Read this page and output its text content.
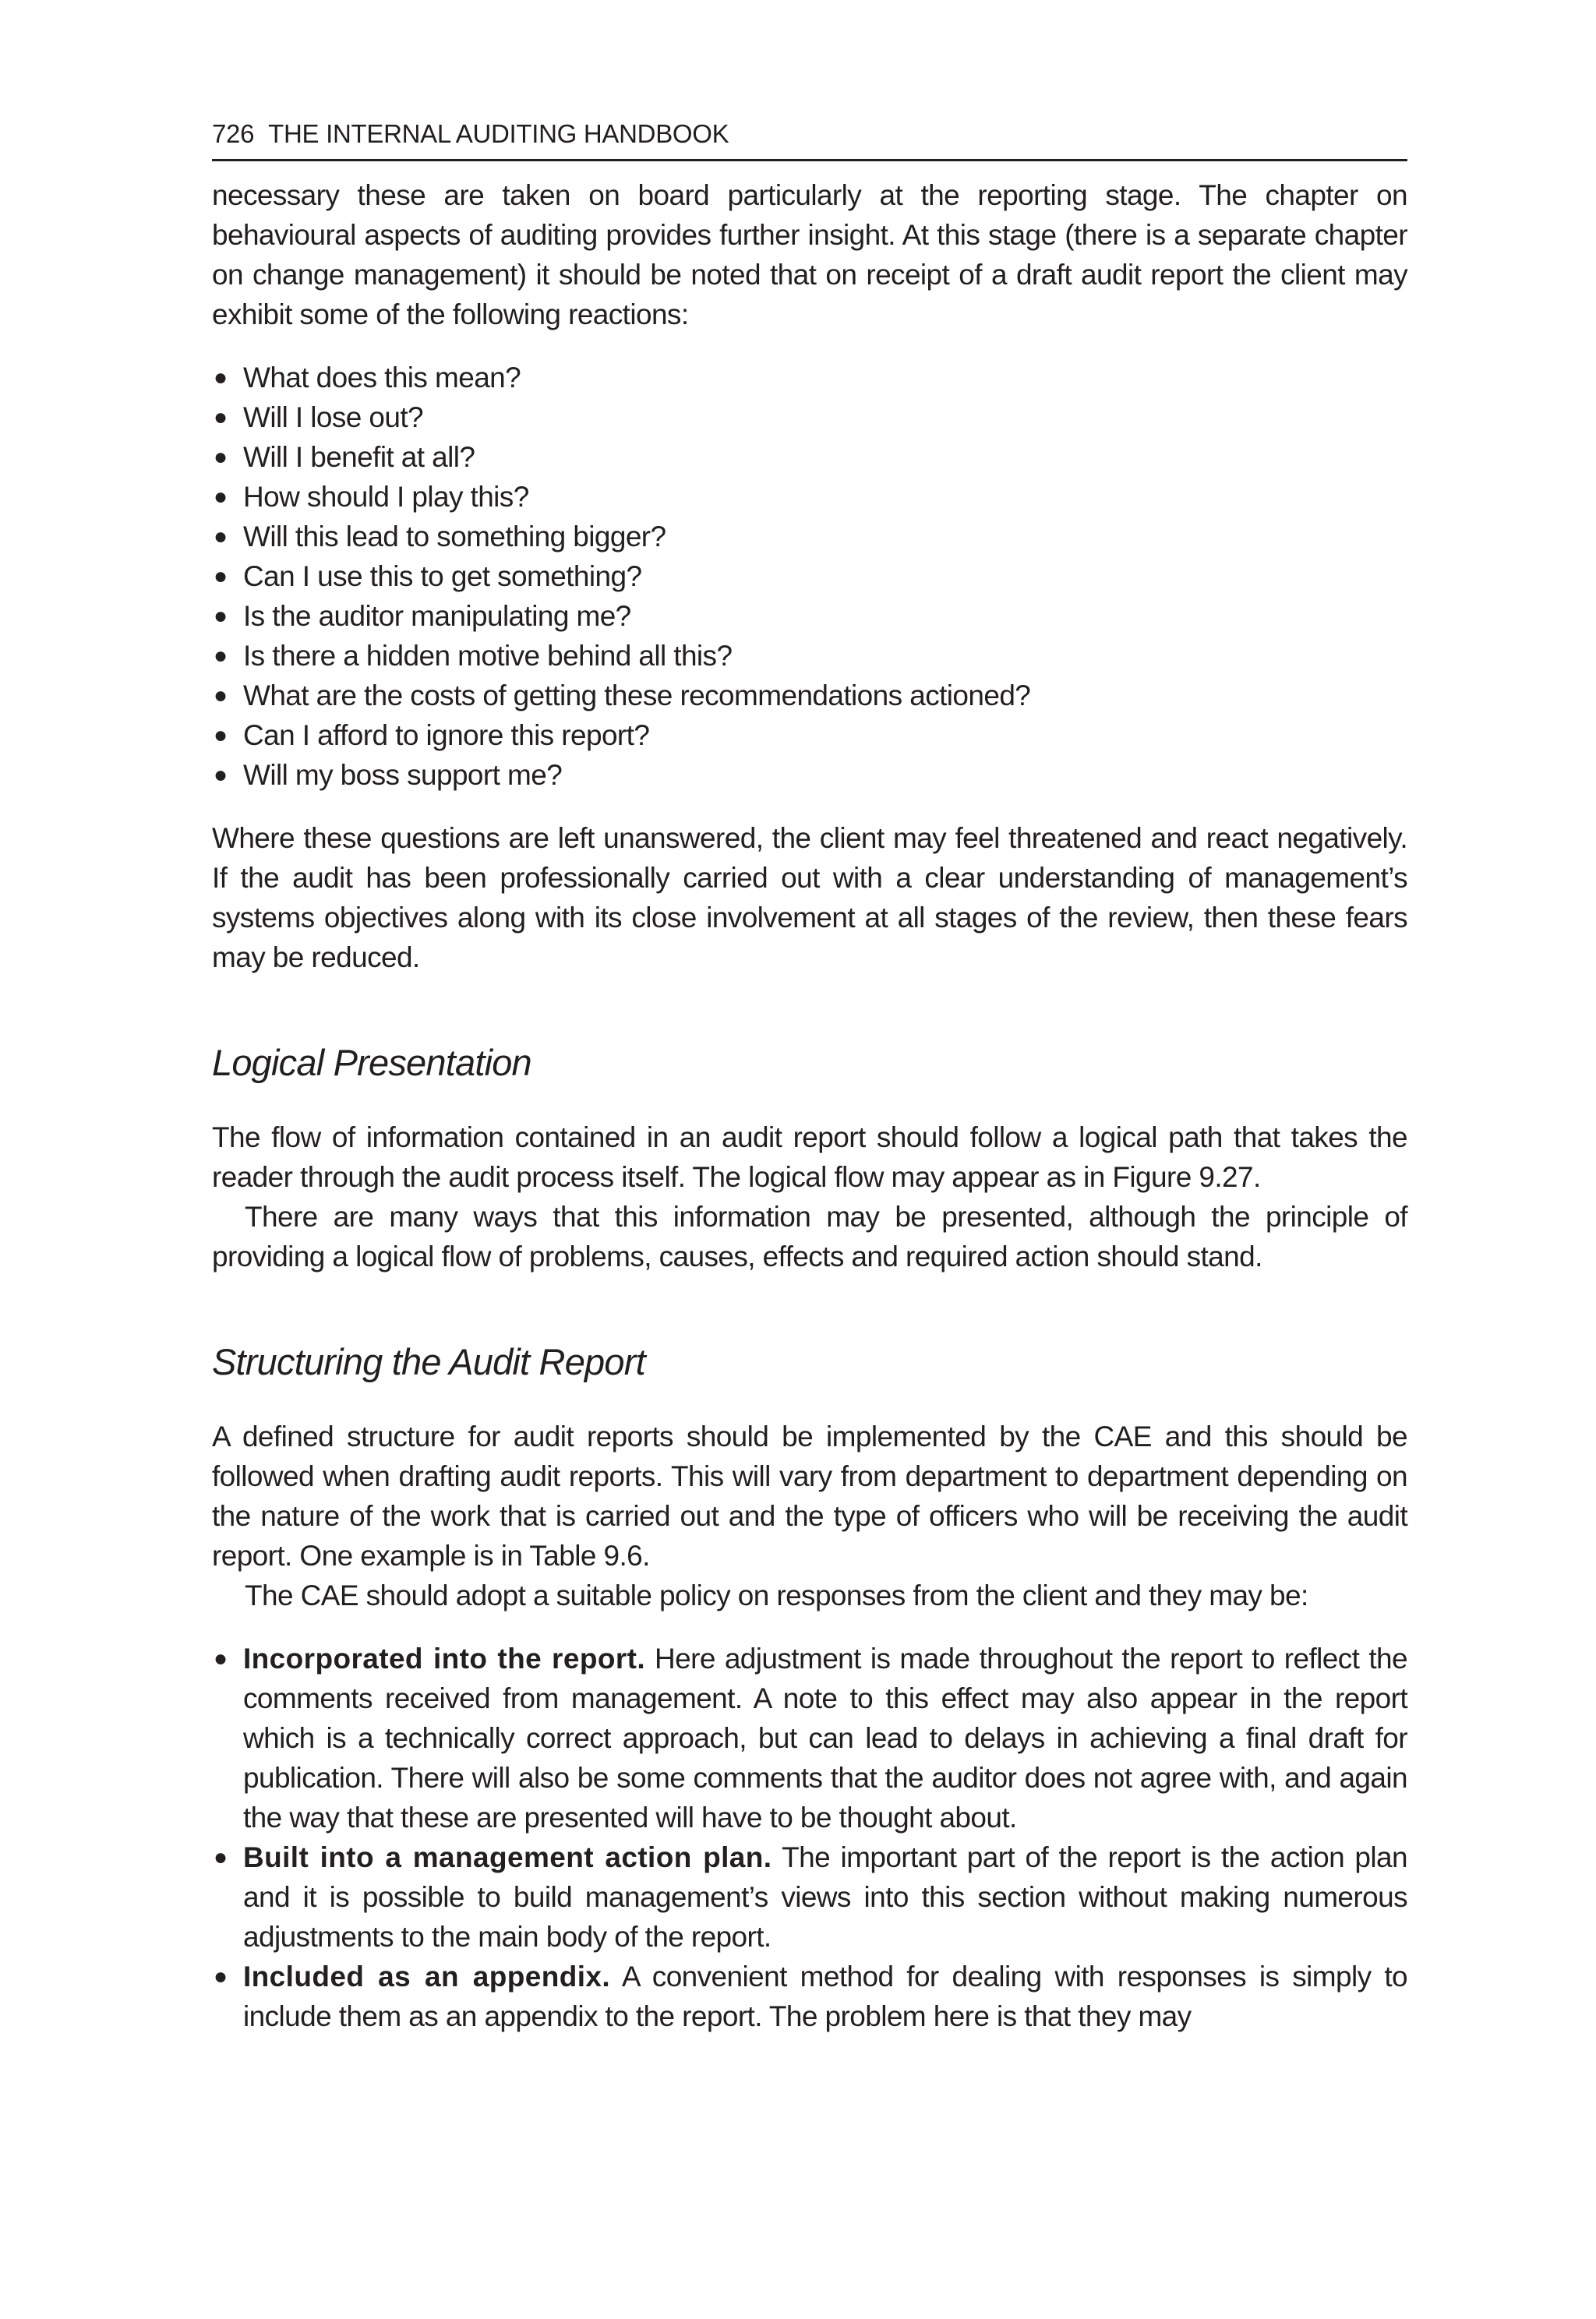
726 THE INTERNAL AUDITING HANDBOOK

necessary these are taken on board particularly at the reporting stage. The chapter on behavioural aspects of auditing provides further insight. At this stage (there is a separate chapter on change management) it should be noted that on receipt of a draft audit report the client may exhibit some of the following reactions:

● What does this mean?
● Will I lose out?
● Will I benefit at all?
● How should I play this?
● Will this lead to something bigger?
● Can I use this to get something?
● Is the auditor manipulating me?
● Is there a hidden motive behind all this?
● What are the costs of getting these recommendations actioned?
● Can I afford to ignore this report?
● Will my boss support me?

Where these questions are left unanswered, the client may feel threatened and react negatively. If the audit has been professionally carried out with a clear understanding of management’s systems objectives along with its close involvement at all stages of the review, then these fears may be reduced.

Logical Presentation

The flow of information contained in an audit report should follow a logical path that takes the reader through the audit process itself. The logical flow may appear as in Figure 9.27.

There are many ways that this information may be presented, although the principle of providing a logical flow of problems, causes, effects and required action should stand.

Structuring the Audit Report

A defined structure for audit reports should be implemented by the CAE and this should be followed when drafting audit reports. This will vary from department to department depending on the nature of the work that is carried out and the type of officers who will be receiving the audit report. One example is in Table 9.6.

The CAE should adopt a suitable policy on responses from the client and they may be:

● Incorporated into the report. Here adjustment is made throughout the report to reflect the comments received from management. A note to this effect may also appear in the report which is a technically correct approach, but can lead to delays in achieving a final draft for publication. There will also be some comments that the auditor does not agree with, and again the way that these are presented will have to be thought about.
● Built into a management action plan. The important part of the report is the action plan and it is possible to build management’s views into this section without making numerous adjustments to the main body of the report.
● Included as an appendix. A convenient method for dealing with responses is simply to include them as an appendix to the report. The problem here is that they may
